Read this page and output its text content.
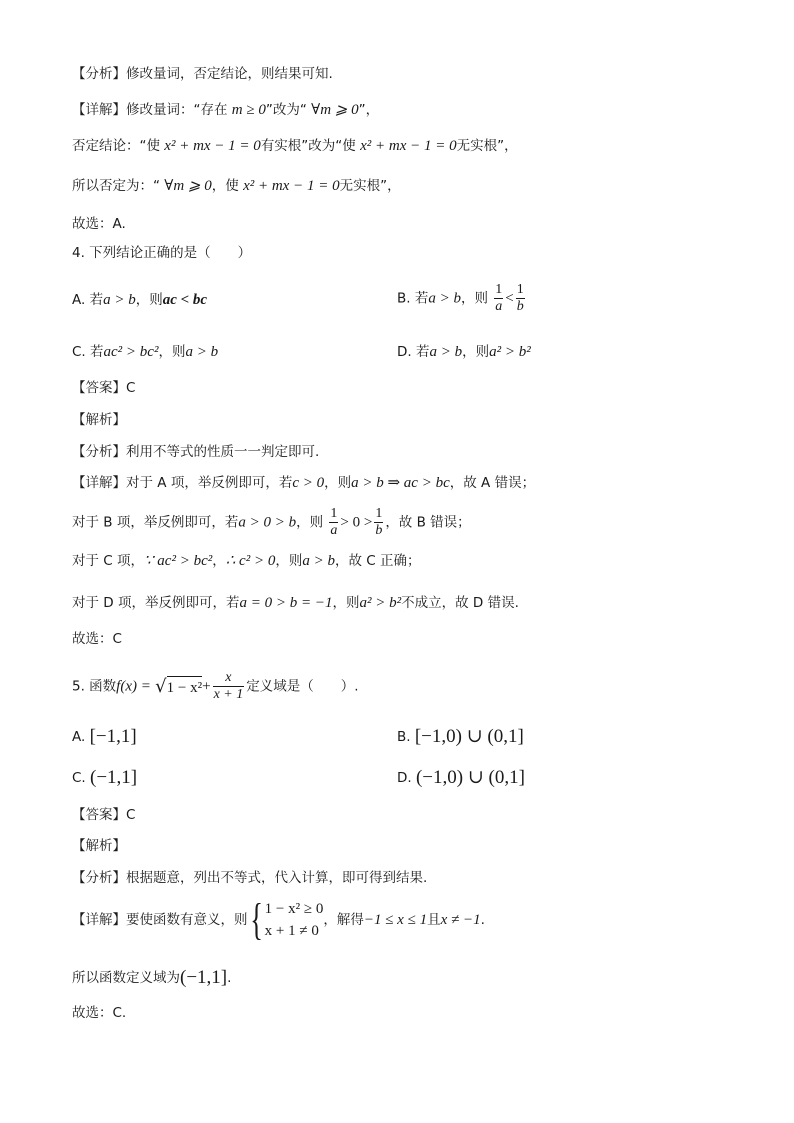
【分析】修改量词，否定结论，则结果可知.
【详解】修改量词：“存在 m ≥ 0”改为“ ∀m ⩾ 0”，
否定结论：“使 x² + mx − 1 = 0有实根”改为“使 x² + mx − 1 = 0无实根”，
所以否定为：“ ∀m ⩾ 0，使 x² + mx − 1 = 0无实根”，
故选：A.
4. 下列结论正确的是（　　）
A. 若a > b，则ac < bc	B. 若a > b，则 $\frac{1}{a} < \frac{1}{b}$
C. 若ac² > bc²，则a > b	D. 若a > b，则a² > b²
【答案】C
【解析】
【分析】利用不等式的性质一一判定即可.
【详解】对于 A 项，举反例即可，若c > 0，则a > b ⇒ ac > bc，故 A 错误；
对于 B 项，举反例即可，若a > 0 > b，则 $\frac{1}{a} > 0 > \frac{1}{b}$ ，故 B 错误；
对于 C 项，∵ ac² > bc²，∴ c² > 0，则a > b，故 C 正确；
对于 D 项，举反例即可，若a = 0 > b = −1，则a² > b²不成立，故 D 错误.
故选：C
5. 函数$f(x) = √1 - x^2+ \frac{x}{x + 1}$ 定义域是（　　）.
A. [−1,1]	B. [−1,0) ∪ (0,1]
C. (−1,1]	D. (−1,0) ∪ (0,1]
【答案】C
【解析】
【分析】根据题意，列出不等式，代入计算，即可得到结果.
【详解】要使函数有意义，则{ 1 − x² ≥ 0
x + 1 ≠ 0
，解得−1 ≤ x ≤ 1且x ≠ −1.
所以函数定义域为(−1,1].
故选：C.
